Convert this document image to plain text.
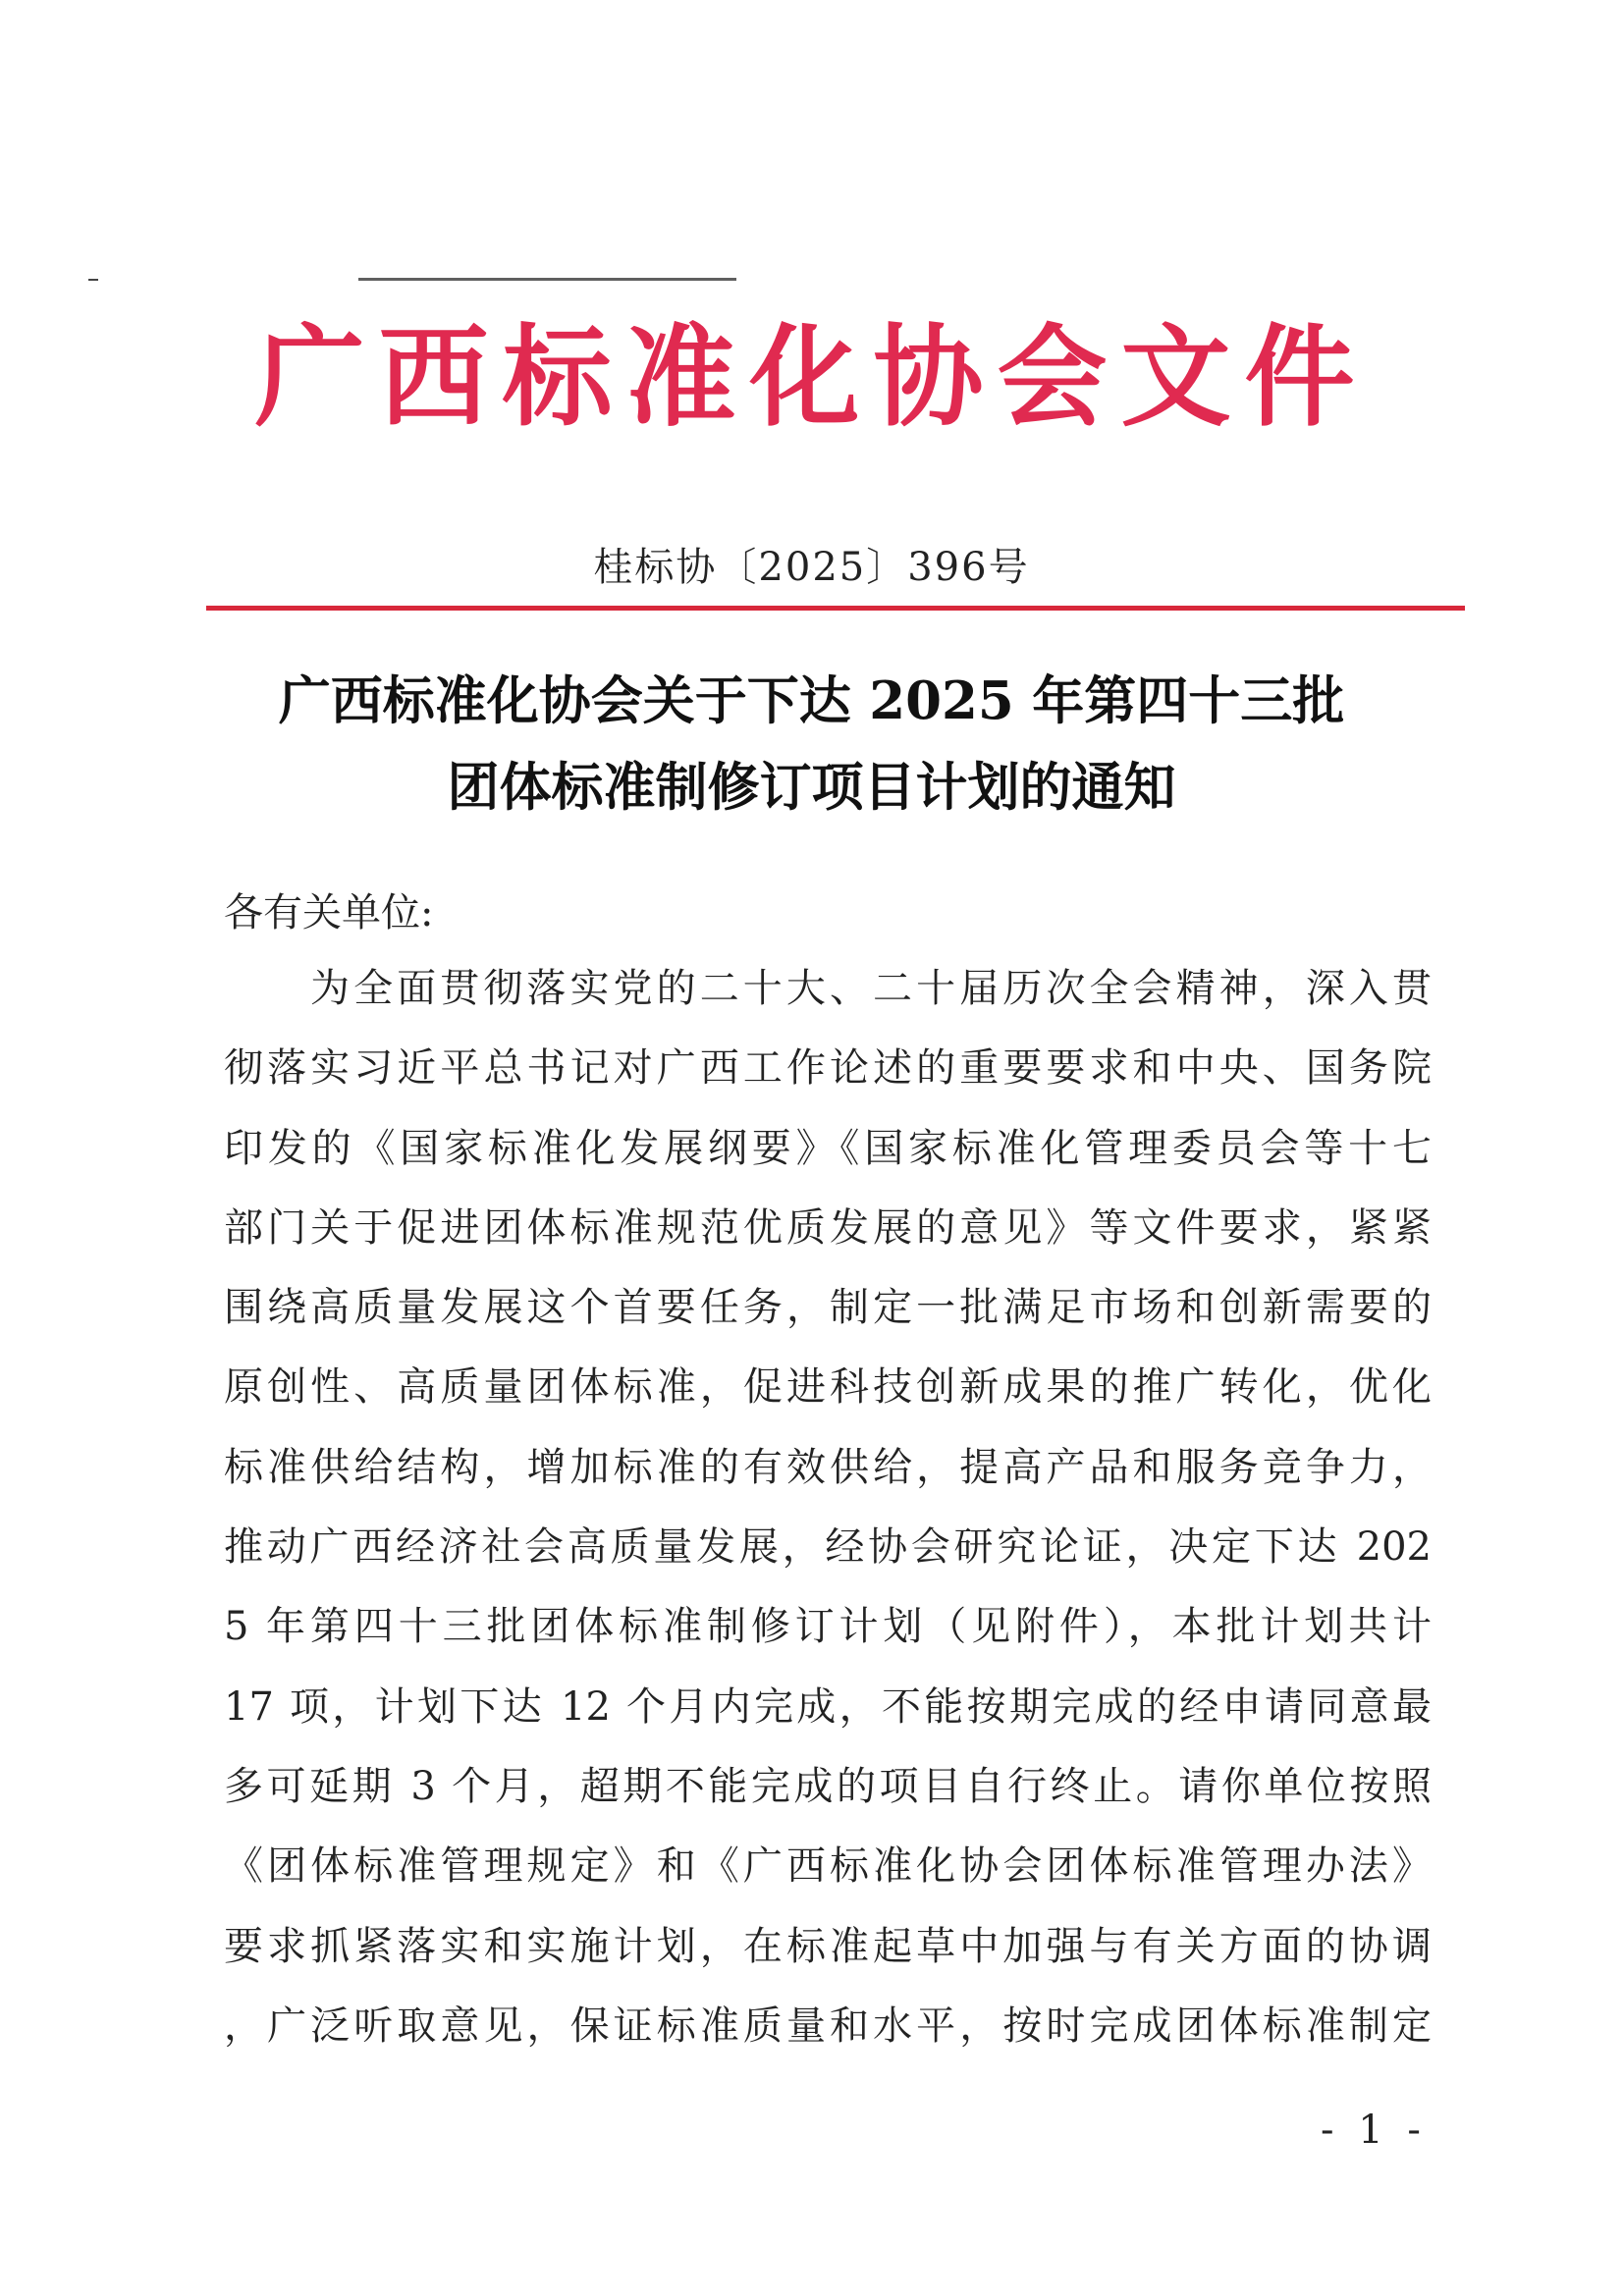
广西标准化协会文件
桂标协〔2025〕396号
广西标准化协会关于下达 2025 年第四十三批
团体标准制修订项目计划的通知
各有关单位:
为全面贯彻落实党的二十大、二十届历次全会精神，深入贯
彻落实习近平总书记对广西工作论述的重要要求和中央、国务院
印发的《国家标准化发展纲要》《国家标准化管理委员会等十七
部门关于促进团体标准规范优质发展的意见》等文件要求，紧紧
围绕高质量发展这个首要任务，制定一批满足市场和创新需要的
原创性、高质量团体标准，促进科技创新成果的推广转化，优化
标准供给结构，增加标准的有效供给，提高产品和服务竞争力，
推动广西经济社会高质量发展，经协会研究论证，决定下达 202
5 年第四十三批团体标准制修订计划（见附件），本批计划共计
17 项，计划下达 12 个月内完成，不能按期完成的经申请同意最
多可延期 3 个月，超期不能完成的项目自行终止。请你单位按照
《团体标准管理规定》和《广西标准化协会团体标准管理办法》
要求抓紧落实和实施计划，在标准起草中加强与有关方面的协调
，广泛听取意见，保证标准质量和水平，按时完成团体标准制定
- 1 -
